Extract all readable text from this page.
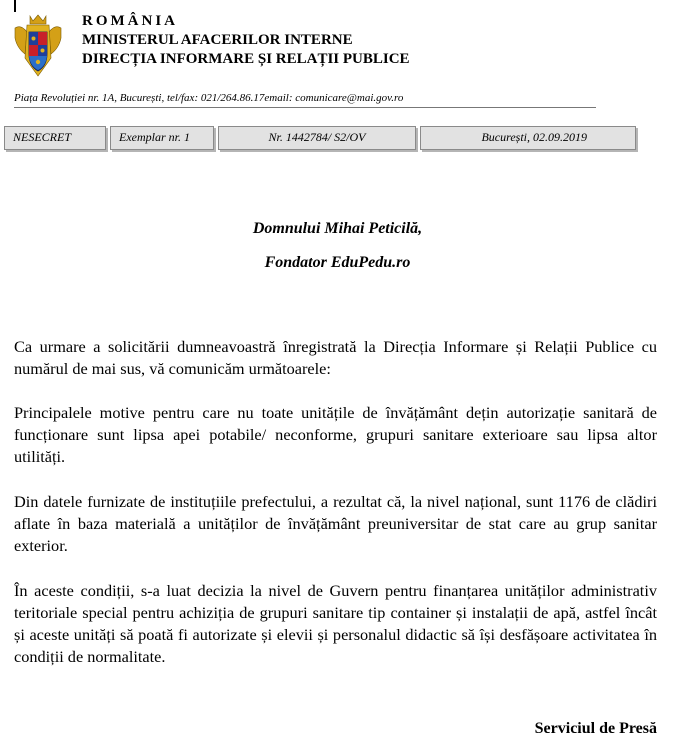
ROMÂNIA
MINISTERUL AFACERILOR INTERNE
DIRECȚIA INFORMARE ȘI RELAȚII PUBLICE
Piața Revoluției nr. 1A, București, tel/fax: 021/264.86.17email: comunicare@mai.gov.ro
NESECRET	Exemplar nr. 1	Nr. 1442784/ S2/OV	București, 02.09.2019
Domnului Mihai Peticilă,
Fondator EduPedu.ro
Ca urmare a solicitării dumneavoastră înregistrată la Direcția Informare și Relații Publice cu numărul de mai sus, vă comunicăm următoarele:
Principalele motive pentru care nu toate unitățile de învățământ dețin autorizație sanitară de funcționare sunt lipsa apei potabile/ neconforme, grupuri sanitare exterioare sau lipsa altor utilități.
Din datele furnizate de instituțiile prefectului, a rezultat că, la nivel național, sunt 1176 de clădiri aflate în baza materială a unităților de învățământ preuniversitar de stat care au grup sanitar exterior.
În aceste condiții, s-a luat decizia la nivel de Guvern pentru finanțarea unităților administrativ teritoriale special pentru achiziția de grupuri sanitare tip container și instalații de apă, astfel încât și aceste unități să poată fi autorizate și elevii și personalul didactic să își desfășoare activitatea în condiții de normalitate.
Serviciul de Presă
